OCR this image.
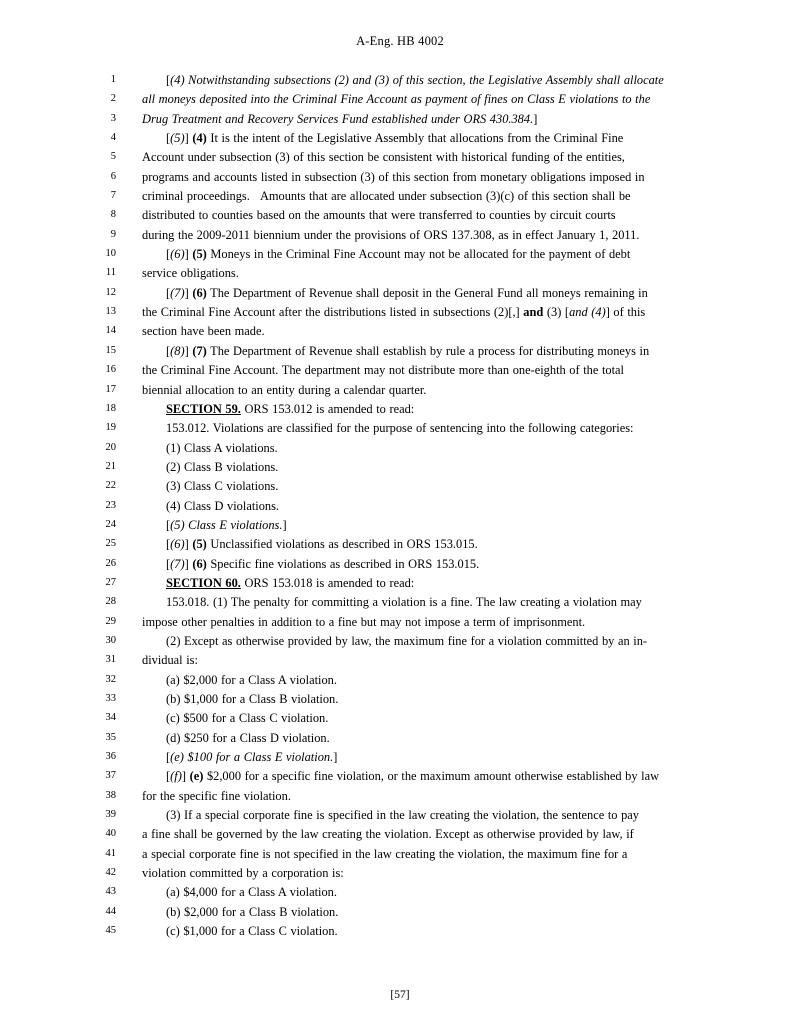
A-Eng. HB 4002
1	[(4) Notwithstanding subsections (2) and (3) of this section, the Legislative Assembly shall allocate
2	all moneys deposited into the Criminal Fine Account as payment of fines on Class E violations to the
3	Drug Treatment and Recovery Services Fund established under ORS 430.384.]
4	[(5)] (4) It is the intent of the Legislative Assembly that allocations from the Criminal Fine
5	Account under subsection (3) of this section be consistent with historical funding of the entities,
6	programs and accounts listed in subsection (3) of this section from monetary obligations imposed in
7	criminal proceedings.   Amounts that are allocated under subsection (3)(c) of this section shall be
8	distributed to counties based on the amounts that were transferred to counties by circuit courts
9	during the 2009-2011 biennium under the provisions of ORS 137.308, as in effect January 1, 2011.
10	[(6)] (5) Moneys in the Criminal Fine Account may not be allocated for the payment of debt
11	service obligations.
12	[(7)] (6) The Department of Revenue shall deposit in the General Fund all moneys remaining in
13	the Criminal Fine Account after the distributions listed in subsections (2)[,] and (3) [and (4)] of this
14	section have been made.
15	[(8)] (7) The Department of Revenue shall establish by rule a process for distributing moneys in
16	the Criminal Fine Account. The department may not distribute more than one-eighth of the total
17	biennial allocation to an entity during a calendar quarter.
18	SECTION 59. ORS 153.012 is amended to read:
19	153.012. Violations are classified for the purpose of sentencing into the following categories:
20	(1) Class A violations.
21	(2) Class B violations.
22	(3) Class C violations.
23	(4) Class D violations.
24	[(5) Class E violations.]
25	[(6)] (5) Unclassified violations as described in ORS 153.015.
26	[(7)] (6) Specific fine violations as described in ORS 153.015.
27	SECTION 60. ORS 153.018 is amended to read:
28	153.018. (1) The penalty for committing a violation is a fine. The law creating a violation may
29	impose other penalties in addition to a fine but may not impose a term of imprisonment.
30	(2) Except as otherwise provided by law, the maximum fine for a violation committed by an in-
31	dividual is:
32	(a) $2,000 for a Class A violation.
33	(b) $1,000 for a Class B violation.
34	(c) $500 for a Class C violation.
35	(d) $250 for a Class D violation.
36	[(e) $100 for a Class E violation.]
37	[(f)] (e) $2,000 for a specific fine violation, or the maximum amount otherwise established by law
38	for the specific fine violation.
39	(3) If a special corporate fine is specified in the law creating the violation, the sentence to pay
40	a fine shall be governed by the law creating the violation. Except as otherwise provided by law, if
41	a special corporate fine is not specified in the law creating the violation, the maximum fine for a
42	violation committed by a corporation is:
43	(a) $4,000 for a Class A violation.
44	(b) $2,000 for a Class B violation.
45	(c) $1,000 for a Class C violation.
[57]
